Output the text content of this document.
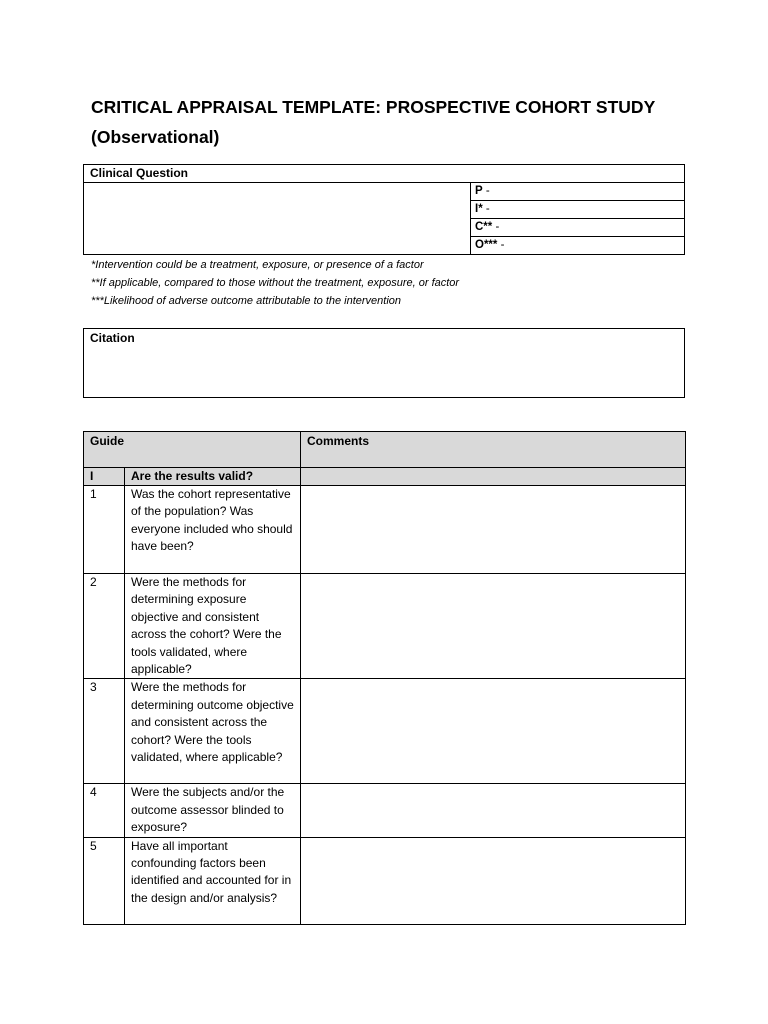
CRITICAL APPRAISAL TEMPLATE: PROSPECTIVE COHORT STUDY
(Observational)
Clinical Question
P -
I* -
C** -
O*** -
*Intervention could be a treatment, exposure, or presence of a factor
**If applicable, compared to those without the treatment, exposure, or factor
***Likelihood of adverse outcome attributable to the intervention
Citation
Guide		Comments
I	Are the results valid?	
1	Was the cohort representative of the population? Was everyone included who should have been?	
2	Were the methods for determining exposure objective and consistent across the cohort? Were the tools validated, where applicable?	
3	Were the methods for determining outcome objective and consistent across the cohort? Were the tools validated, where applicable?	
4	Were the subjects and/or the outcome assessor blinded to exposure?	
5	Have all important confounding factors been identified and accounted for in the design and/or analysis?	
